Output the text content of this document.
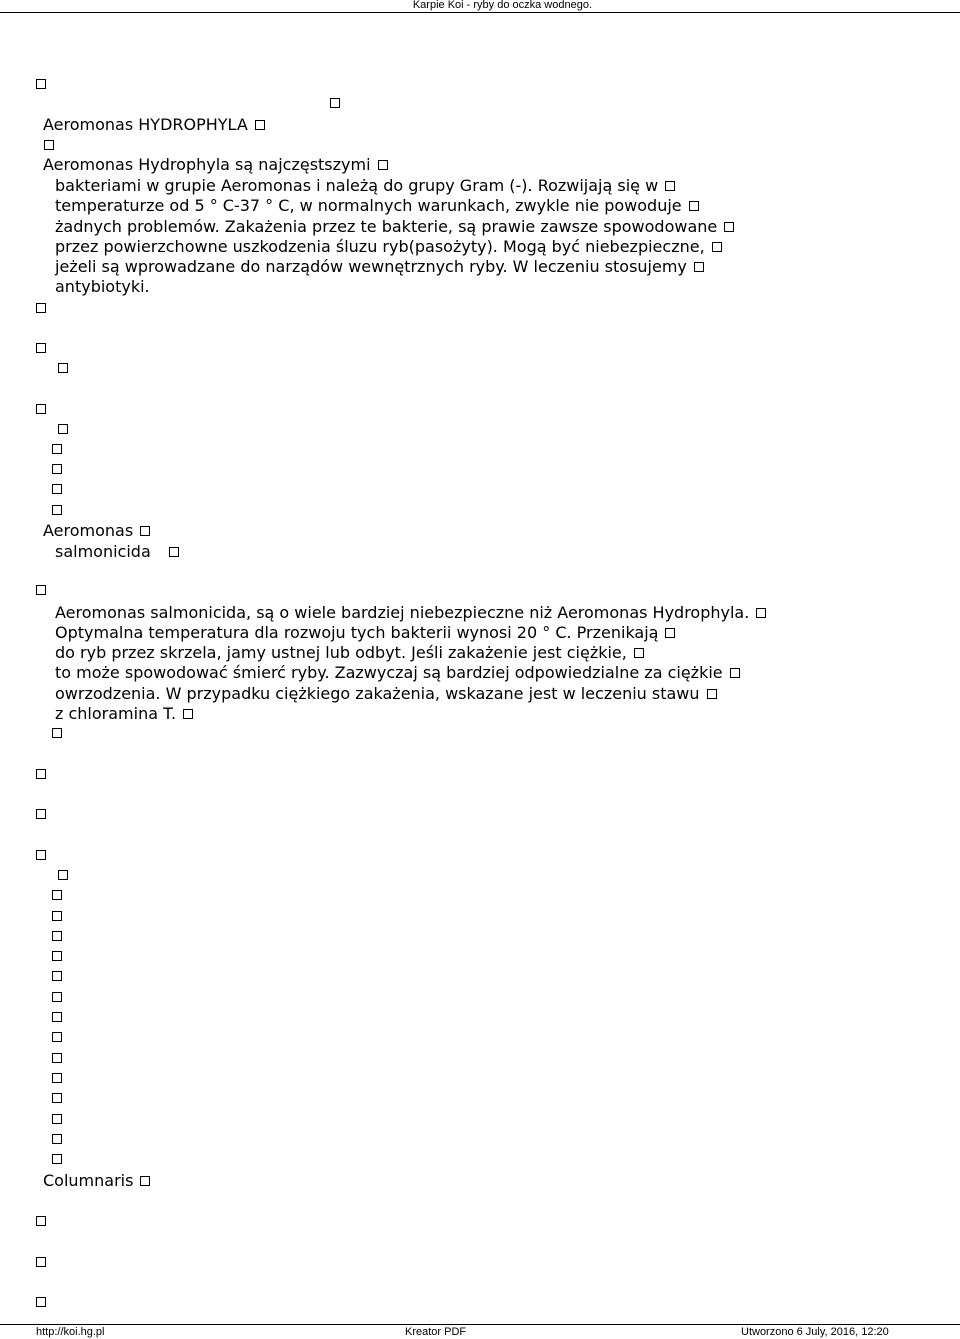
Karpie Koi - ryby do oczka wodnego.
Aeromonas HYDROPHYLA
Aeromonas Hydrophyla są najczęstszymi
bakteriami w grupie Aeromonas i należą do grupy Gram (-). Rozwijają się w
temperaturze od 5 ° C-37 ° C, w normalnych warunkach, zwykle nie powoduje
żadnych problemów. Zakażenia przez te bakterie, są prawie zawsze spowodowane
przez powierzchowne uszkodzenia śluzu ryb(pasożyty). Mogą być niebezpieczne,
jeżeli są wprowadzane do narządów wewnętrznych ryby. W leczeniu stosujemy
antybiotyki.
Aeromonas
salmonicida
Aeromonas salmonicida, są o wiele bardziej niebezpieczne niż Aeromonas Hydrophyla.
Optymalna temperatura dla rozwoju tych bakterii wynosi 20 ° C. Przenikają
do ryb przez skrzela, jamy ustnej lub odbyt. Jeśli zakażenie jest ciężkie,
to może spowodować śmierć ryby. Zazwyczaj są bardziej odpowiedzialne za ciężkie
owrzodzenia. W przypadku ciężkiego zakażenia, wskazane jest w leczeniu stawu
z chloramina T.
Columnaris
http://koi.hg.pl	Kreator PDF	Utworzono 6 July, 2016, 12:20
